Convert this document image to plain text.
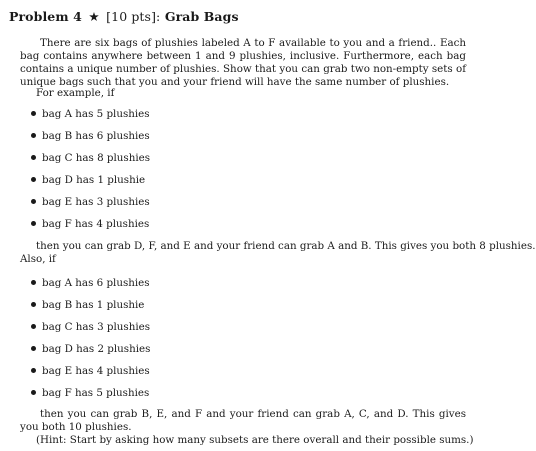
Problem 4 ★ [10 pts]: Grab Bags

There are six bags of plushies labeled A to F available to you and a friend.. Each bag contains anywhere between 1 and 9 plushies, inclusive. Furthermore, each bag contains a unique number of plushies. Show that you can grab two non-empty sets of unique bags such that you and your friend will have the same number of plushies.

For example, if
bag A has 5 plushies
bag B has 6 plushies
bag C has 8 plushies
bag D has 1 plushie
bag E has 3 plushies
bag F has 4 plushies
then you can grab D, F, and E and your friend can grab A and B. This gives you both 8 plushies.
Also, if
bag A has 6 plushies
bag B has 1 plushie
bag C has 3 plushies
bag D has 2 plushies
bag E has 4 plushies
bag F has 5 plushies

then you can grab B, E, and F and your friend can grab A, C, and D. This gives you both 10 plushies.

(Hint: Start by asking how many subsets are there overall and their possible sums.)
